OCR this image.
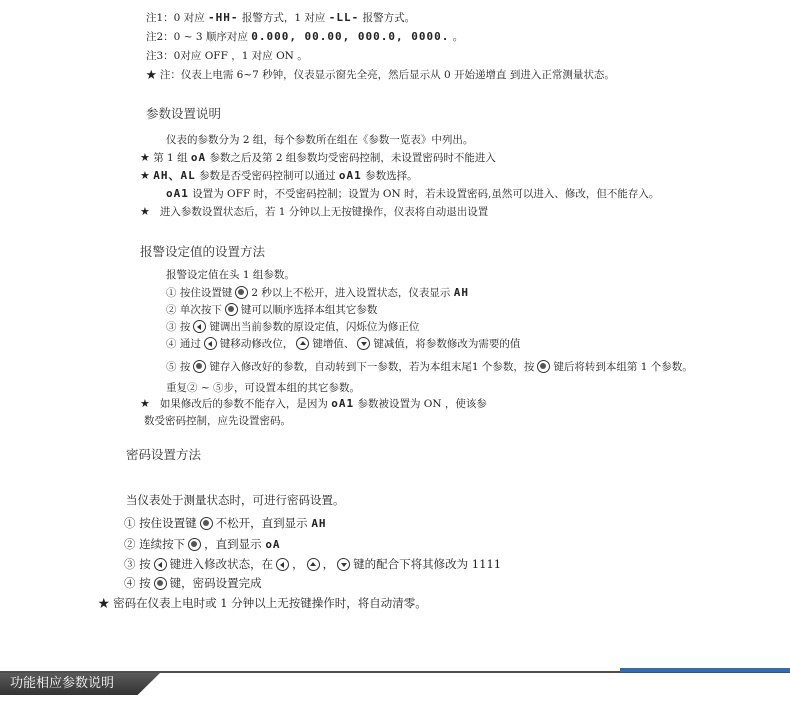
注1：0 对应 -HH- 报警方式，1 对应 -LL- 报警方式。
注2：0 ~ 3 顺序对应 0.000, 00.00, 000.0, 0000. 。
注3：0对应 OFF ，1 对应 ON 。
★ 注：仪表上电需 6~7 秒钟，仪表显示窗先全亮，然后显示从 0 开始递增直 到进入正常测量状态。
参数设置说明
仪表的参数分为 2 组，每个参数所在组在《参数一览表》中列出。
★ 第 1 组 oA 参数之后及第 2 组参数均受密码控制，未设置密码时不能进入
★ AH、AL 参数是否受密码控制可以通过 oA1 参数选择。
oA1 设置为 OFF 时，不受密码控制；设置为 ON 时，若未设置密码,虽然可以进入、修改，但不能存入。
★ 进入参数设置状态后，若 1 分钟以上无按键操作，仪表将自动退出设置
报警设定值的设置方法
报警设定值在头 1 组参数。
① 按住设置键 2 秒以上不松开，进入设置状态，仪表显示 AH
② 单次按下 键可以顺序选择本组其它参数
③ 按 键调出当前参数的原设定值，闪烁位为修正位
④ 通过 键移动修改位， 键增值、 键减值，将参数修改为需要的值
⑤ 按 键存入修改好的参数，自动转到下一参数，若为本组末尾1 个参数，按 键后将转到本组第 1 个参数。
重复② ~ ⑤步，可设置本组的其它参数。
★ 如果修改后的参数不能存入，是因为 oA1 参数被设置为 ON ，使该参
数受密码控制，应先设置密码。
密码设置方法
当仪表处于测量状态时，可进行密码设置。
① 按住设置键 不松开，直到显示 AH
② 连续按下 ，直到显示 oA
③ 按 键进入修改状态，在 ， ， 键的配合下将其修改为 1111
④ 按 键，密码设置完成
★ 密码在仪表上电时或 1 分钟以上无按键操作时，将自动清零。
功能相应参数说明
